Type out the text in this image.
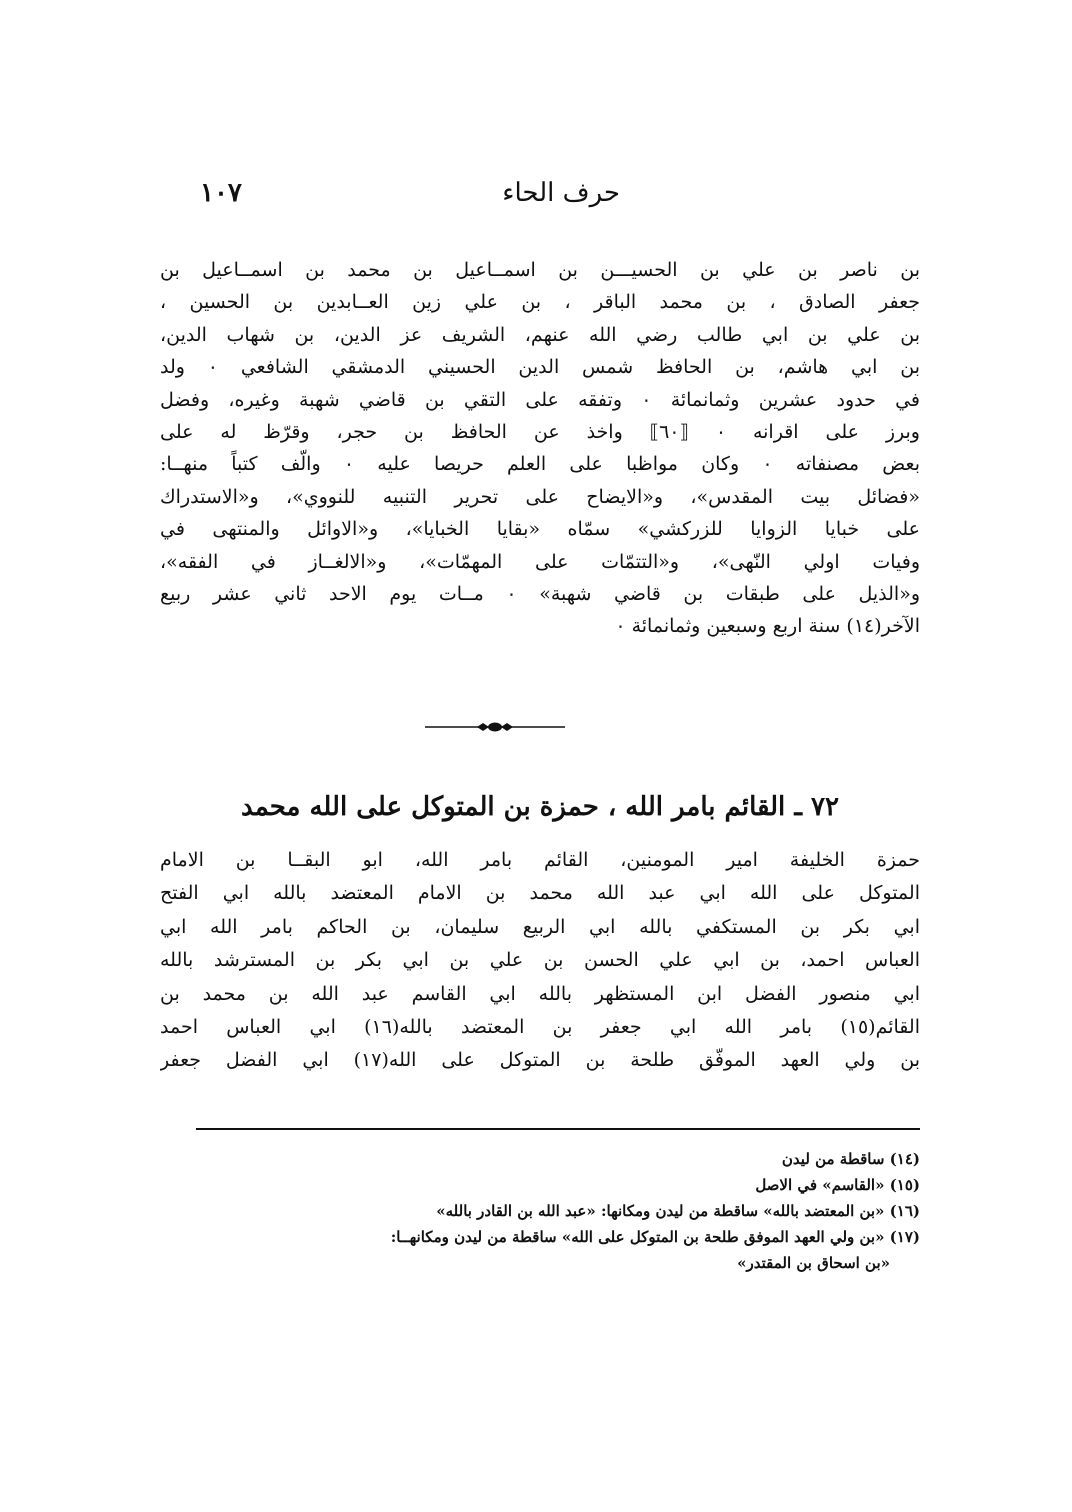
١٠٧	حرف الحاء
بن ناصر بن علي بن الحسيـــن بن اسمــاعيل بن محمد بن اسمــاعيل بن
جعفر الصادق ، بن محمد الباقر ، بن علي زين العــابدين بن الحسين ،
بن علي بن ابي طالب رضي الله عنهم، الشريف عز الدين، بن شهاب الدين،
بن ابي هاشم، بن الحافظ شمس الدين الحسيني الدمشقي الشافعي ٠ ولد
في حدود عشرين وثمانمائة ٠ وتفقه على التقي بن قاضي شهبة وغيره، وفضل
وبرز على اقرانه ٠ ⟦٦٠⟧ واخذ عن الحافظ بن حجر، وقرّظ له على
بعض مصنفاته ٠ وكان مواظبا على العلم حريصا عليه ٠ والّف كتباً منهــا:
«فضائل بيت المقدس»، و«الايضاح على تحرير التنبيه للنووي»، و«الاستدراك
على خبايا الزوايا للزركشي» سمّاه «بقايا الخبايا»، و«الاوائل والمنتهى في
وفيات اولي النّهى»، و«التتمّات على المهمّات»، و«الالغــاز في الفقه»،
و«الذيل على طبقات بن قاضي شهبة» ٠ مــات يوم الاحد ثاني عشر ربيع
الآخر(١٤) سنة اربع وسبعين وثمانمائة ٠
٧٢ ـ القائم بامر الله ، حمزة بن المتوكل على الله محمد
حمزة الخليفة امير المومنين، القائم بامر الله، ابو البقــا بن الامام
المتوكل على الله ابي عبد الله محمد بن الامام المعتضد بالله ابي الفتح
ابي بكر بن المستكفي بالله ابي الربيع سليمان، بن الحاكم بامر الله ابي
العباس احمد، بن ابي علي الحسن بن علي بن ابي بكر بن المسترشد بالله
ابي منصور الفضل ابن المستظهر بالله ابي القاسم عبد الله بن محمد بن
القائم(١٥) بامر الله ابي جعفر بن المعتضد بالله(١٦) ابي العباس احمد
بن ولي العهد الموفّق طلحة بن المتوكل على الله(١٧) ابي الفضل جعفر
(١٤) ساقطة من ليدن
(١٥) «القاسم» في الاصل
(١٦) «بن المعتضد بالله» ساقطة من ليدن ومكانها: «عبد الله بن القادر بالله»
(١٧) «بن ولي العهد الموفق طلحة بن المتوكل على الله» ساقطة من ليدن ومكانهــا:
«بن اسحاق بن المقتدر»
